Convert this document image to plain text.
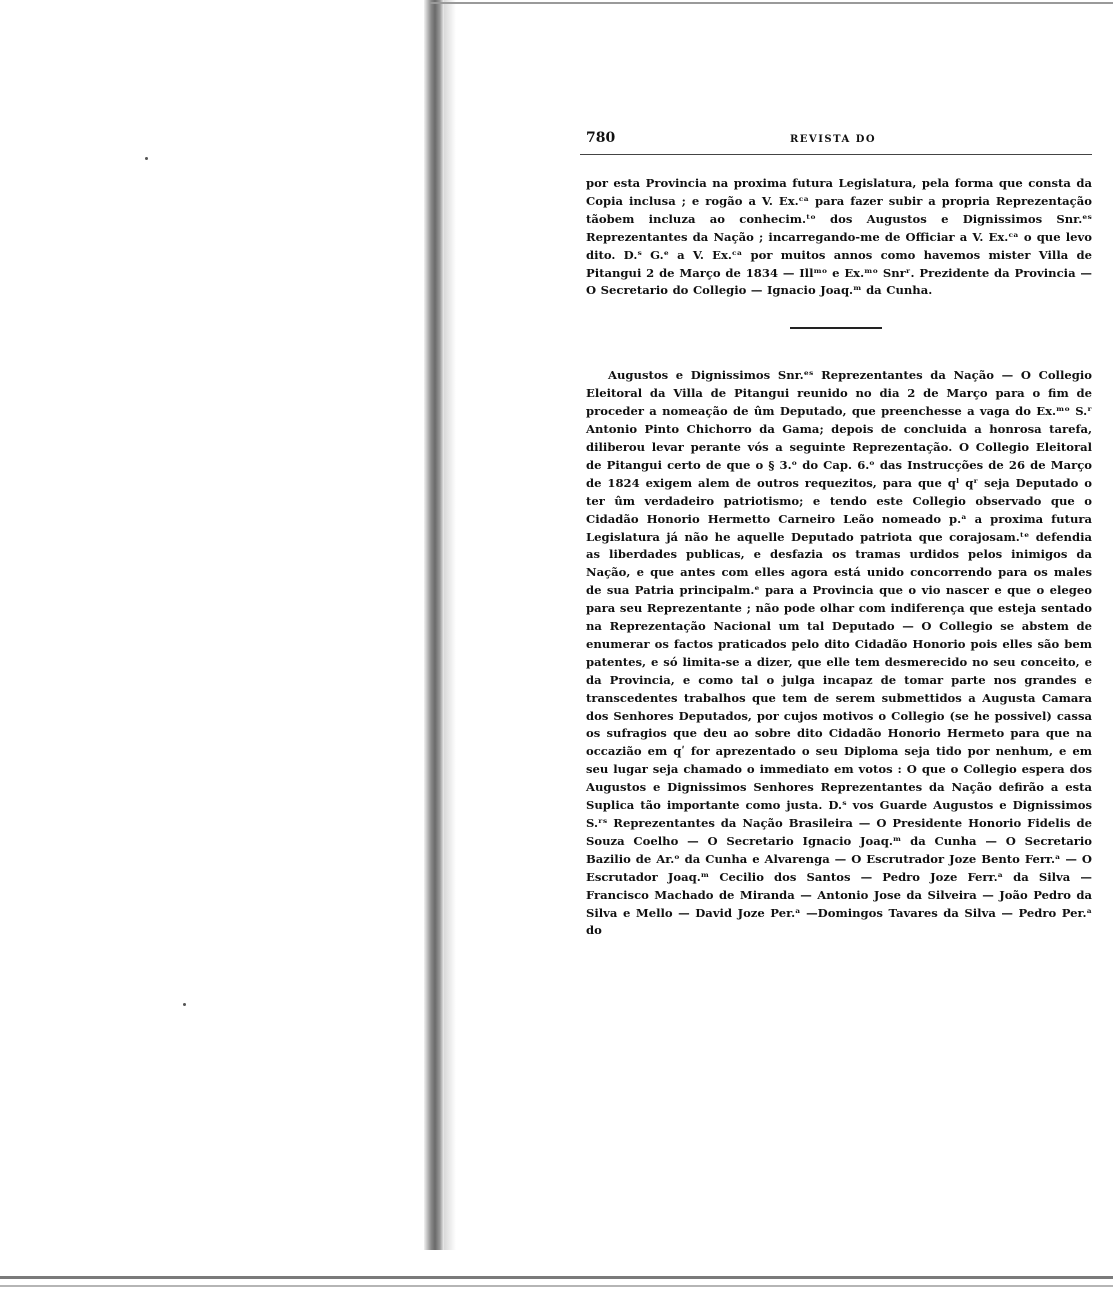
780	REVISTA DO
por esta Provincia na proxima futura Legislatura, pela forma que consta da Copia inclusa ; e rogão a V. Ex.ᶜᵃ para fazer subir a propria Reprezentação tãobem incluza ao conhecim.ᵗᵒ dos Augustos e Dignissimos Snr.ᵉˢ Reprezentantes da Nação ; incarregando-me de Officiar a V. Ex.ᶜᵃ o que levo dito. D.ˢ G.ᵉ a V. Ex.ᶜᵃ por muitos annos como havemos mister Villa de Pitangui 2 de Março de 1834 — Illᵐᵒ e Ex.ᵐᵒ Snrʳ. Prezidente da Provincia — O Secretario do Collegio — Ignacio Joaq.ᵐ da Cunha.
Augustos e Dignissimos Snr.ᵉˢ Reprezentantes da Nação — O Collegio Eleitoral da Villa de Pitangui reunido no dia 2 de Março para o fim de proceder a nomeação de ûm Deputado, que preenchesse a vaga do Ex.ᵐᵒ S.ʳ Antonio Pinto Chichorro da Gama; depois de concluida a honrosa tarefa, diliberou levar perante vós a seguinte Reprezentação. O Collegio Eleitoral de Pitangui certo de que o § 3.ᵒ do Cap. 6.ᵒ das Instrucções de 26 de Março de 1824 exigem alem de outros requezitos, para que qˡ qʳ seja Deputado o ter ûm verdadeiro patriotismo; e tendo este Collegio observado que o Cidadão Honorio Hermetto Carneiro Leão nomeado p.ᵃ a proxima futura Legislatura já não he aquelle Deputado patriota que corajosam.ᵗᵉ defendia as liberdades publicas, e desfazia os tramas urdidos pelos inimigos da Nação, e que antes com elles agora está unido concorrendo para os males de sua Patria principalm.ᵉ para a Provincia que o vio nascer e que o elegeo para seu Reprezentante ; não pode olhar com indiferença que esteja sentado na Reprezentação Nacional um tal Deputado — O Collegio se abstem de enumerar os factos praticados pelo dito Cidadão Honorio pois elles são bem patentes, e só limita-se a dizer, que elle tem desmerecido no seu conceito, e da Provincia, e como tal o julga incapaz de tomar parte nos grandes e transcedentes trabalhos que tem de serem submettidos a Augusta Camara dos Senhores Deputados, por cujos motivos o Collegio (se he possivel) cassa os sufragios que deu ao sobre dito Cidadão Honorio Hermeto para que na occazião em qʹ for aprezentado o seu Diploma seja tido por nenhum, e em seu lugar seja chamado o immediato em votos : O que o Collegio espera dos Augustos e Dignissimos Senhores Reprezentantes da Nação defirão a esta Suplica tão importante como justa. D.ˢ vos Guarde Augustos e Dignissimos S.ʳˢ Reprezentantes da Nação Brasileira — O Presidente Honorio Fidelis de Souza Coelho — O Secretario Ignacio Joaq.ᵐ da Cunha — O Secretario Bazilio de Ar.ᵒ da Cunha e Alvarenga — O Escrutrador Joze Bento Ferr.ᵃ — O Escrutador Joaq.ᵐ Cecilio dos Santos — Pedro Joze Ferr.ᵃ da Silva — Francisco Machado de Miranda — Antonio Jose da Silveira — João Pedro da Silva e Mello — David Joze Per.ᵃ —Domingos Tavares da Silva — Pedro Per.ᵃ do
